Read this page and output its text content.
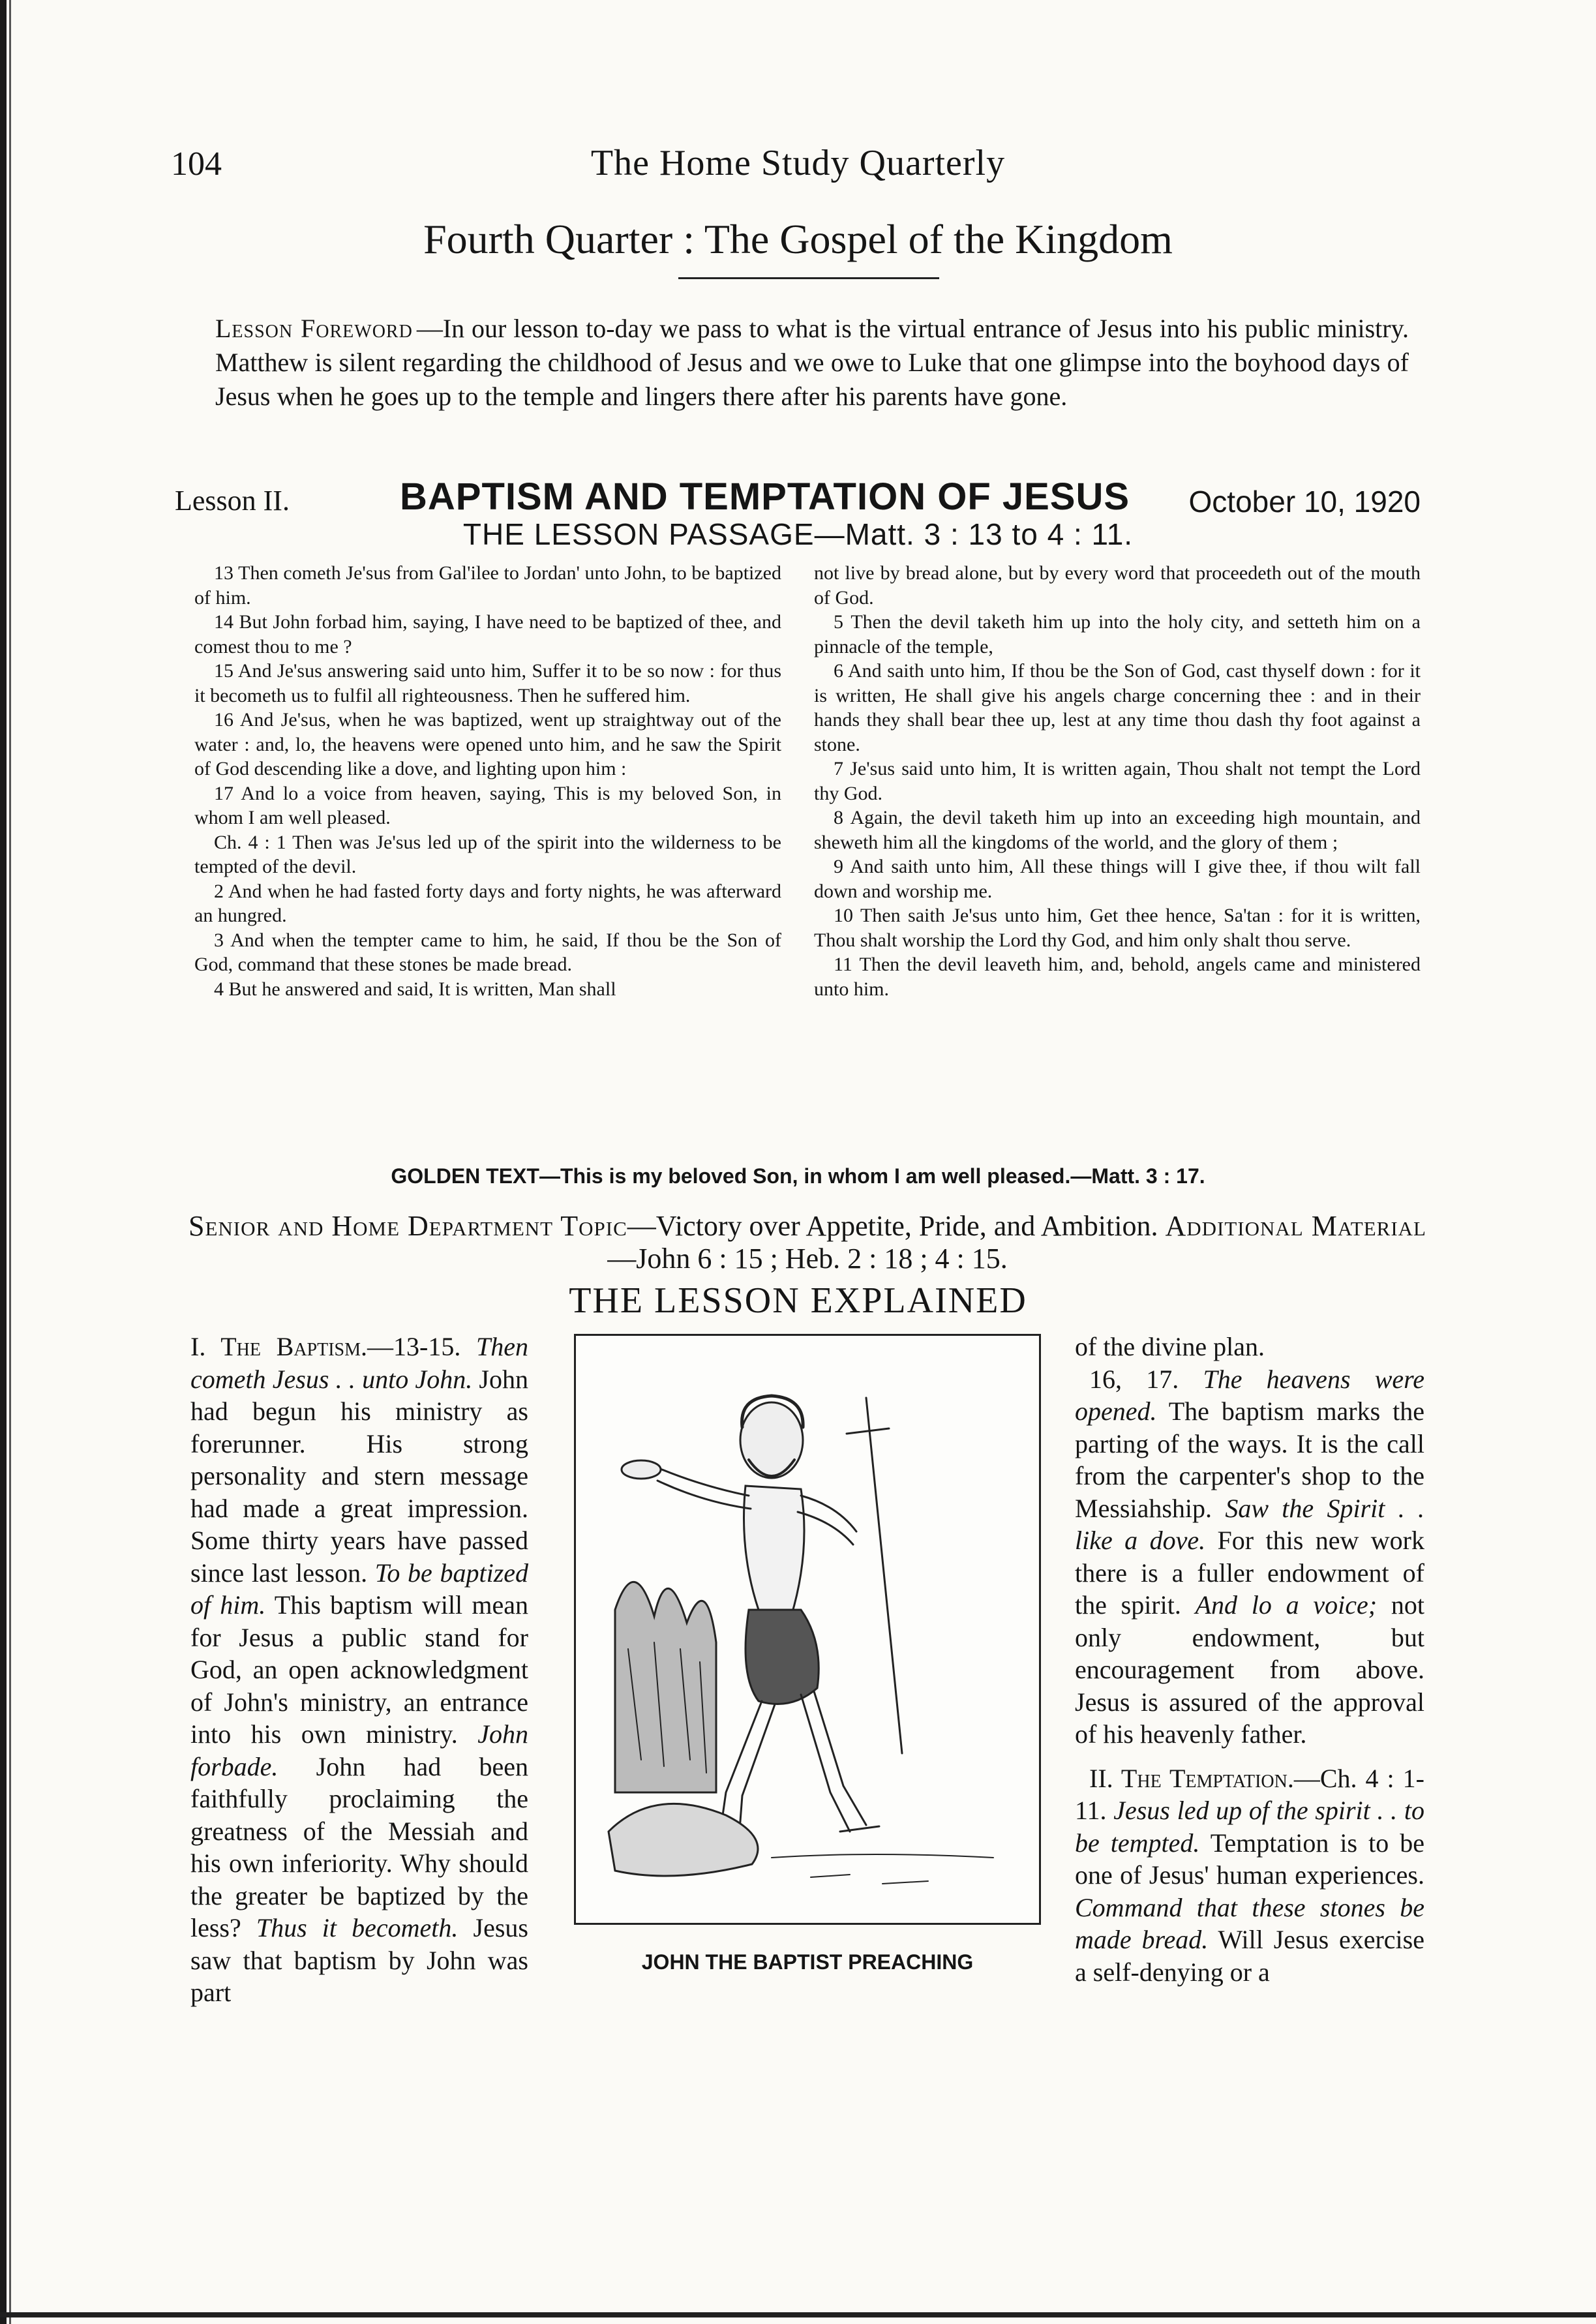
104	The Home Study Quarterly
Fourth Quarter : The Gospel of the Kingdom
Lesson Foreword —In our lesson to-day we pass to what is the virtual entrance of Jesus into his public ministry. Matthew is silent regarding the childhood of Jesus and we owe to Luke that one glimpse into the boyhood days of Jesus when he goes up to the temple and lingers there after his parents have gone.
Lesson II.	BAPTISM AND TEMPTATION OF JESUS October 10, 1920
THE LESSON PASSAGE—Matt. 3 : 13 to 4 : 11.

13 Then cometh Je'sus from Gal'ilee to Jordan' unto John, to be baptized of him.

14 But John forbad him, saying, I have need to be baptized of thee, and comest thou to me ?

15 And Je'sus answering said unto him, Suffer it to be so now : for thus it becometh us to fulfil all righteousness. Then he suffered him.

16 And Je'sus, when he was baptized, went up straightway out of the water : and, lo, the heavens were opened unto him, and he saw the Spirit of God descending like a dove, and lighting upon him :

17 And lo a voice from heaven, saying, This is my beloved Son, in whom I am well pleased.

Ch. 4 : 1 Then was Je'sus led up of the spirit into the wilderness to be tempted of the devil.

2 And when he had fasted forty days and forty nights, he was afterward an hungred.

3 And when the tempter came to him, he said, If thou be the Son of God, command that these stones be made bread.

4 But he answered and said, It is written, Man shall

not live by bread alone, but by every word that proceedeth out of the mouth of God.

5 Then the devil taketh him up into the holy city, and setteth him on a pinnacle of the temple,

6 And saith unto him, If thou be the Son of God, cast thyself down : for it is written, He shall give his angels charge concerning thee : and in their hands they shall bear thee up, lest at any time thou dash thy foot against a stone.

7 Je'sus said unto him, It is written again, Thou shalt not tempt the Lord thy God.

8 Again, the devil taketh him up into an exceeding high mountain, and sheweth him all the kingdoms of the world, and the glory of them ;

9 And saith unto him, All these things will I give thee, if thou wilt fall down and worship me.

10 Then saith Je'sus unto him, Get thee hence, Sa'tan : for it is written, Thou shalt worship the Lord thy God, and him only shalt thou serve.

11 Then the devil leaveth him, and, behold, angels came and ministered unto him.

GOLDEN TEXT—This is my beloved Son, in whom I am well pleased.—Matt. 3 : 17.
Senior and Home Department Topic—Victory over Appetite, Pride, and Ambition. Additional Material—John 6 : 15 ; Heb. 2 : 18 ; 4 : 15.
THE LESSON EXPLAINED

I. The Baptism.—13-15. Then cometh Jesus . . unto John. John had begun his ministry as forerunner. His strong personality and stern message had made a great impression. Some thirty years have passed since last lesson. To be baptized of him. This baptism will mean for Jesus a public stand for God, an open acknowledgment of John's ministry, an entrance into his own ministry. John forbade. John had been faithfully proclaiming the greatness of the Messiah and his own inferiority. Why should the greater be baptized by the less? Thus it becometh. Jesus saw that baptism by John was part

JOHN THE BAPTIST PREACHING

of the divine plan.

16, 17. The heavens were opened. The baptism marks the parting of the ways. It is the call from the carpenter's shop to the Messiahship. Saw the Spirit . . like a dove. For this new work there is a fuller endowment of the spirit. And lo a voice; not only endowment, but encouragement from above. Jesus is assured of the approval of his heavenly father.

II. The Temptation.—Ch. 4 : 1-11. Jesus led up of the spirit . . to be tempted. Temptation is to be one of Jesus' human experiences. Command that these stones be made bread. Will Jesus exercise a self-denying or a
